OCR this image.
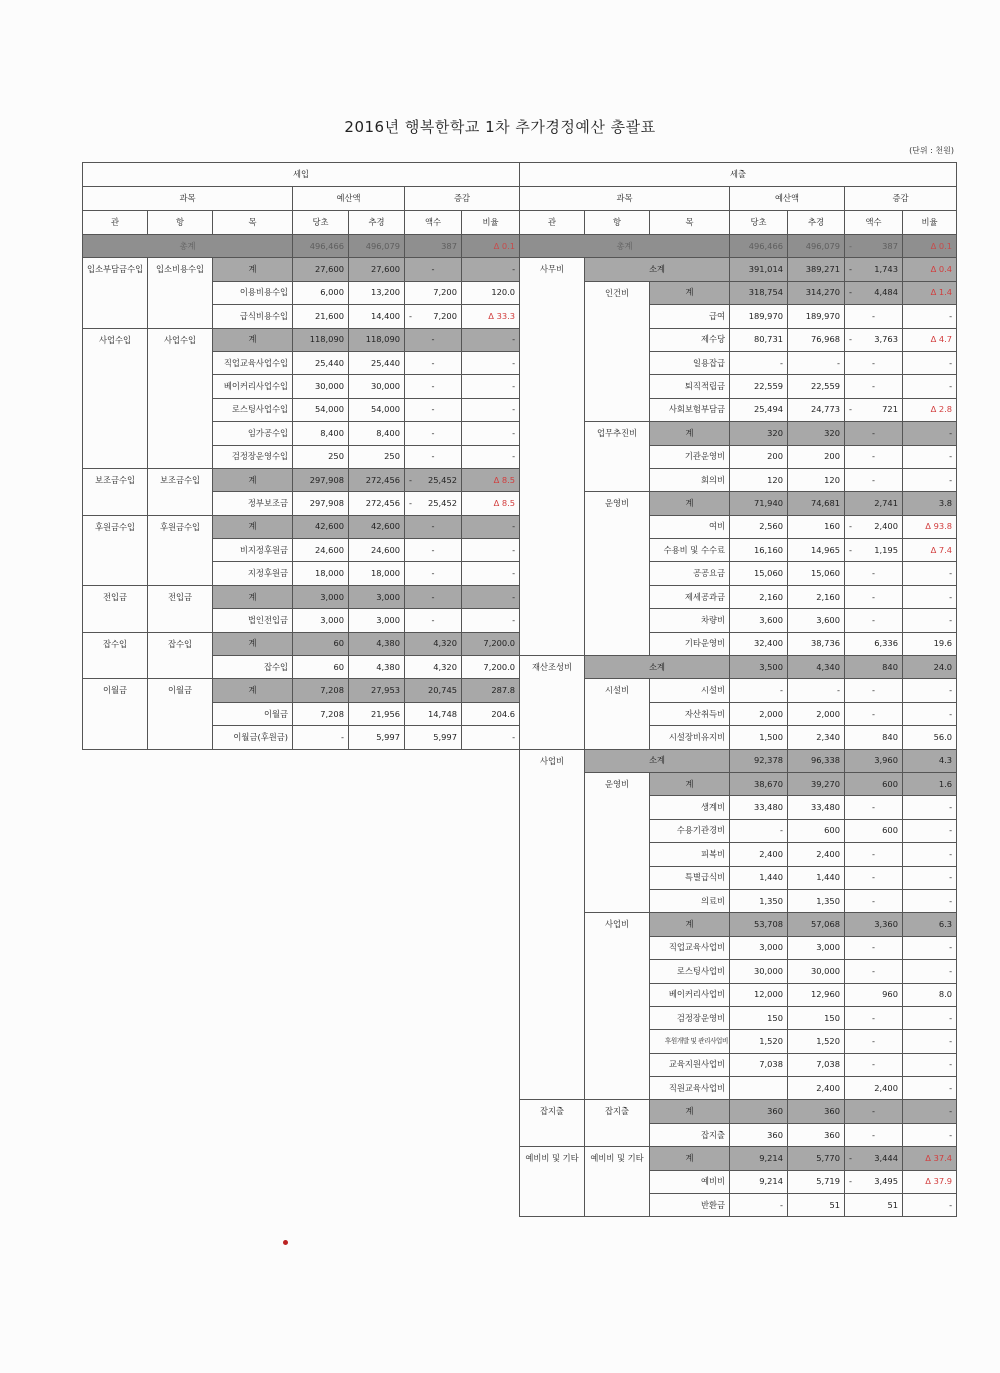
2016년 행복한학교 1차 추가경정예산 총괄표
(단위 : 천원)
세입						
과목			예산액		증감	
관	항	목	당초	추경	액수	비율
총계			496,466	496,079	387	Δ 0.1
입소부담금수입	입소비용수입	계	27,600	27,600	-	-
		이용비용수입	6,000	13,200	7,200	120.0
		급식비용수입	21,600	14,400	- 7,200	Δ 33.3
사업수입	사업수입	계	118,090	118,090	-	-
		직업교육사업수입	25,440	25,440	-	-
		베이커리사업수입	30,000	30,000	-	-
		로스팅사업수입	54,000	54,000	-	-
		임가공수입	8,400	8,400	-	-
		검정장운영수입	250	250	-	-
보조금수입	보조금수입	계	297,908	272,456	- 25,452	Δ 8.5
		정부보조금	297,908	272,456	- 25,452	Δ 8.5
후원금수입	후원금수입	계	42,600	42,600	-	-
		비지정후원금	24,600	24,600	-	-
		지정후원금	18,000	18,000	-	-
전입금	전입금	계	3,000	3,000	-	-
		법인전입금	3,000	3,000	-	-
잡수입	잡수입	계	60	4,380	4,320	7,200.0
		잡수입	60	4,380	4,320	7,200.0
이월금	이월금	계	7,208	27,953	20,745	287.8
		이월금	7,208	21,956	14,748	204.6
		이월금(후원금)	-	5,997	5,997	-
세출						
과목			예산액		증감	
관	항	목	당초	추경	액수	비율
총계			496,466	496,079	- 387	Δ 0.1
사무비	소계		391,014	389,271	- 1,743	Δ 0.4
	인건비	계	318,754	314,270	- 4,484	Δ 1.4
		급여	189,970	189,970	-	-
		제수당	80,731	76,968	- 3,763	Δ 4.7
		일용잡급	-	-	-	-
		퇴직적립금	22,559	22,559	-	-
		사회보험부담금	25,494	24,773	- 721	Δ 2.8
	업무추진비	계	320	320	-	-
		기관운영비	200	200	-	-
		회의비	120	120	-	-
	운영비	계	71,940	74,681	2,741	3.8
		여비	2,560	160	- 2,400	Δ 93.8
		수용비 및 수수료	16,160	14,965	- 1,195	Δ 7.4
		공공요금	15,060	15,060	-	-
		제세공과금	2,160	2,160	-	-
		차량비	3,600	3,600	-	-
		기타운영비	32,400	38,736	6,336	19.6
재산조성비	소계		3,500	4,340	840	24.0
	시설비	시설비	-	-	-	-
		자산취득비	2,000	2,000	-	-
		시설장비유지비	1,500	2,340	840	56.0
사업비	소계		92,378	96,338	3,960	4.3
	운영비	계	38,670	39,270	600	1.6
		생계비	33,480	33,480	-	-
		수용기관경비	-	600	600	-
		피복비	2,400	2,400	-	-
		특별급식비	1,440	1,440	-	-
		의료비	1,350	1,350	-	-
	사업비	계	53,708	57,068	3,360	6.3
		직업교육사업비	3,000	3,000	-	-
		로스팅사업비	30,000	30,000	-	-
		베이커리사업비	12,000	12,960	960	8.0
		검정장운영비	150	150	-	-
		후원개발 및 관리사업비	1,520	1,520	-	-
		교육지원사업비	7,038	7,038	-	-
		직원교육사업비		2,400	2,400	-
잡지출	잡지출	계	360	360	-	-
		잡지출	360	360	-	-
예비비 및 기타	예비비 및 기타	계	9,214	5,770	- 3,444	Δ 37.4
		예비비	9,214	5,719	- 3,495	Δ 37.9
		반환금	-	51	51	-
